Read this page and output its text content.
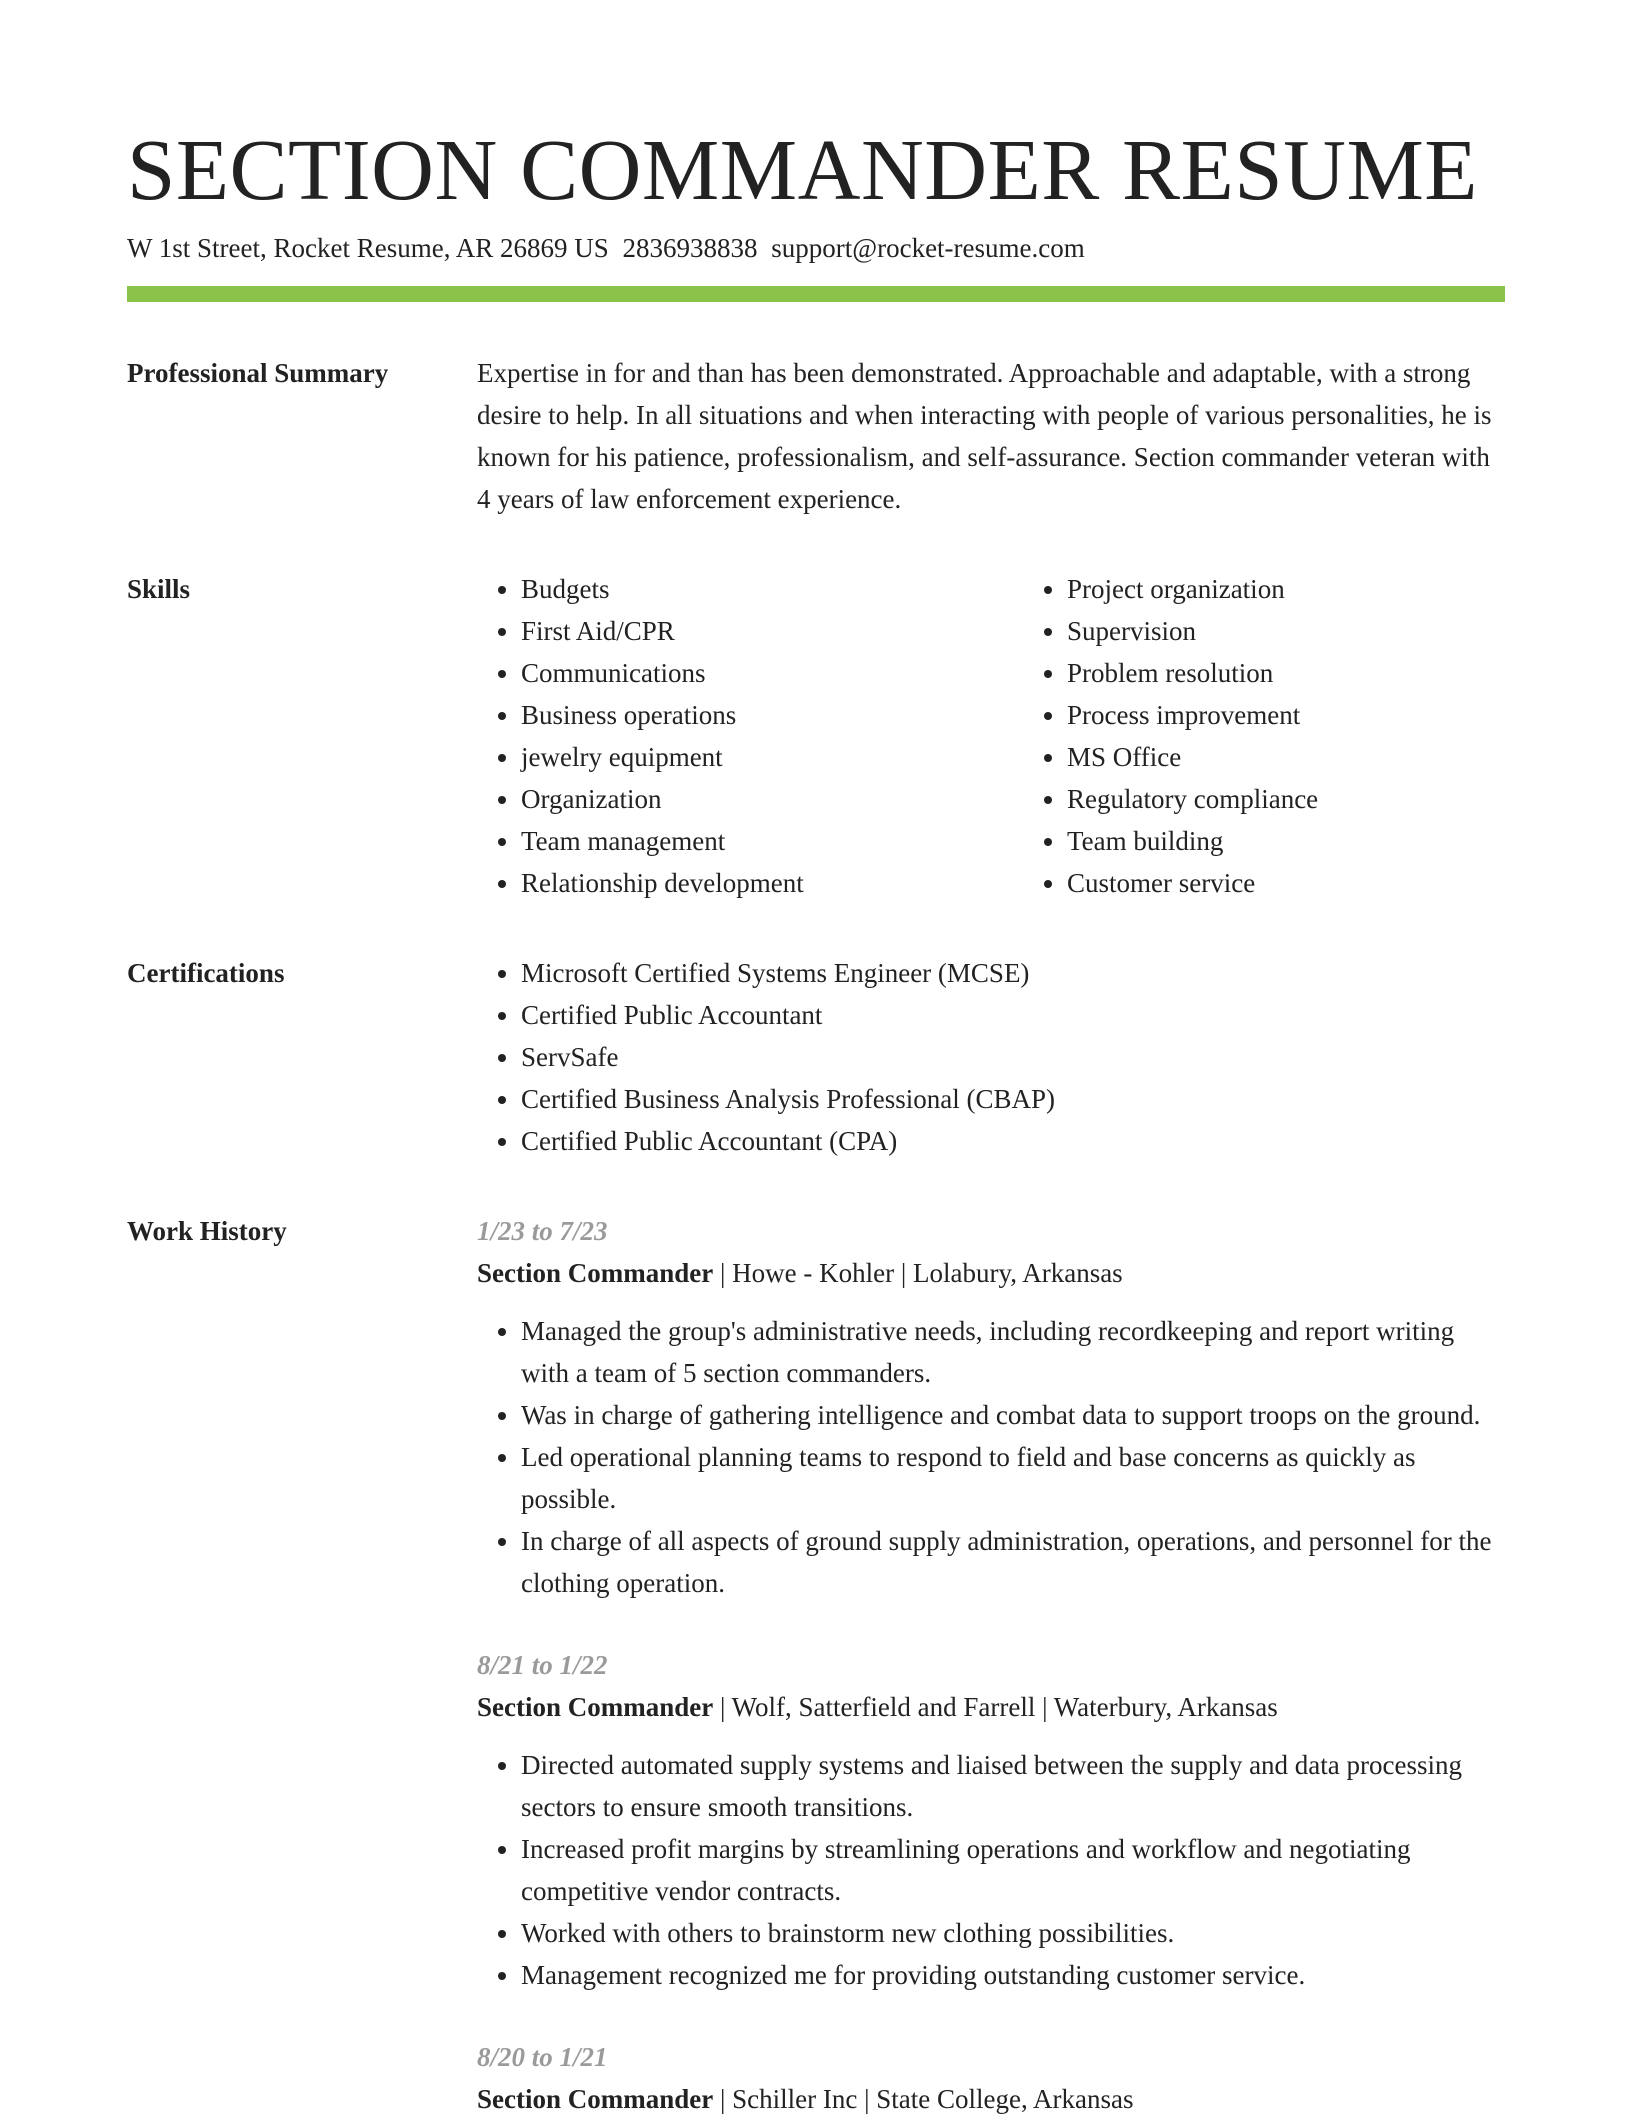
SECTION COMMANDER RESUME
W 1st Street, Rocket Resume, AR 26869 US 2836938838 support@rocket-resume.com
Professional Summary	Expertise in for and than has been demonstrated. Approachable and adaptable, with a strong desire to help. In all situations and when interacting with people of various personalities, he is known for his patience, professionalism, and self-assurance. Section commander veteran with 4 years of law enforcement experience.

Skills	• Budgets
• First Aid/CPR
• Communications
• Business operations
• jewelry equipment
• Organization
• Team management
• Relationship development
• Project organization
• Supervision
• Problem resolution
• Process improvement
• MS Office
• Regulatory compliance
• Team building
• Customer service
Certifications	• Microsoft Certified Systems Engineer (MCSE)
• Certified Public Accountant
• ServSafe
• Certified Business Analysis Professional (CBAP)
• Certified Public Accountant (CPA)
Work History	1/23 to 7/23
Section Commander | Howe - Kohler | Lolabury, Arkansas
• Managed the group's administrative needs, including recordkeeping and report writing with a team of 5 section commanders.
• Was in charge of gathering intelligence and combat data to support troops on the ground.
• Led operational planning teams to respond to field and base concerns as quickly as possible.
• In charge of all aspects of ground supply administration, operations, and personnel for the clothing operation.
8/21 to 1/22
Section Commander | Wolf, Satterfield and Farrell | Waterbury, Arkansas
• Directed automated supply systems and liaised between the supply and data processing sectors to ensure smooth transitions.
• Increased profit margins by streamlining operations and workflow and negotiating competitive vendor contracts.
• Worked with others to brainstorm new clothing possibilities.
• Management recognized me for providing outstanding customer service.
8/20 to 1/21
Section Commander | Schiller Inc | State College, Arkansas
